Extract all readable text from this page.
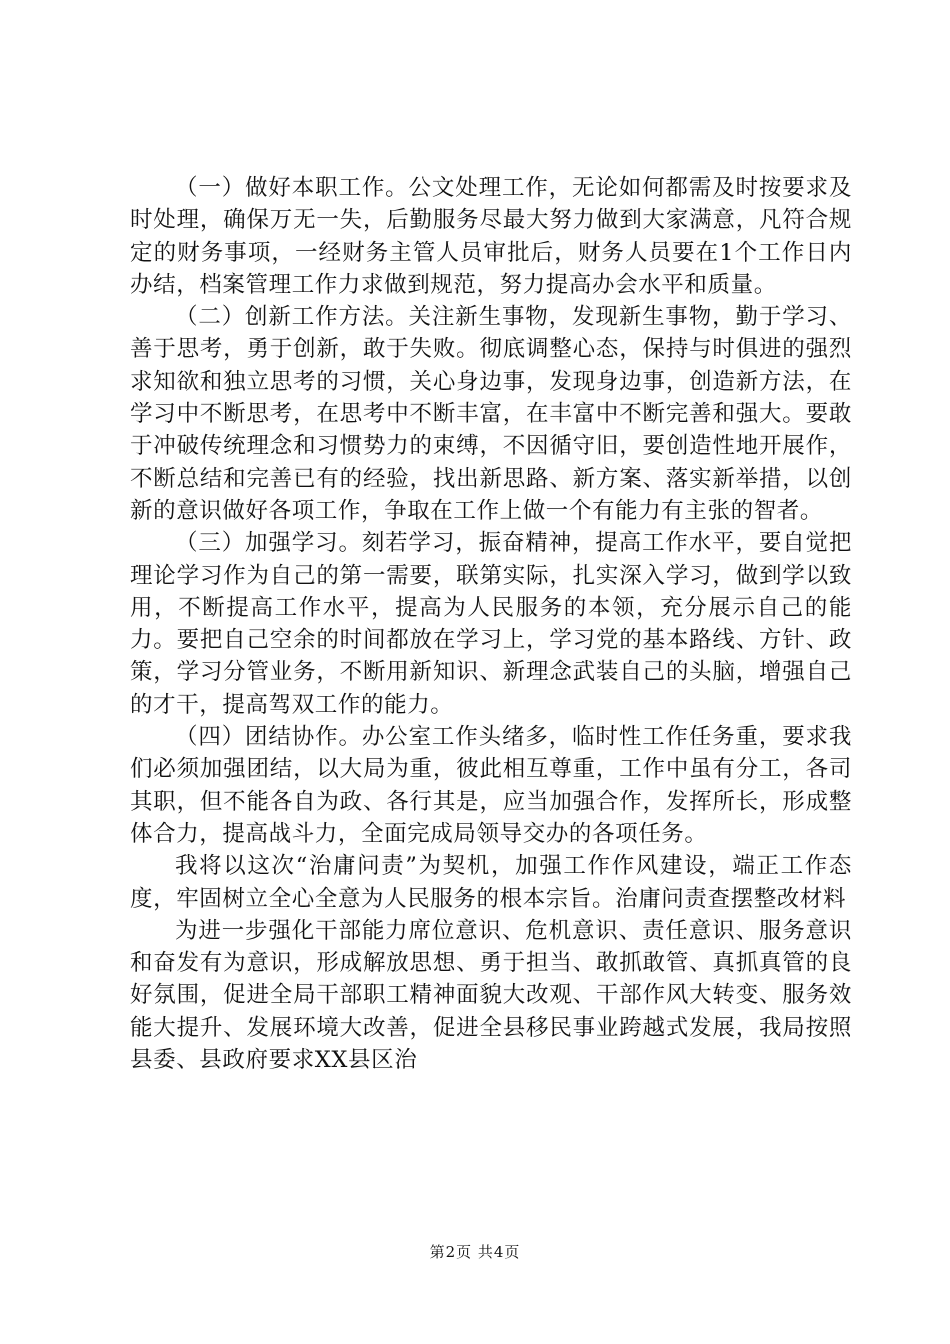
（一）做好本职工作。公文处理工作，无论如何都需及时按要求及时处理，确保万无一失，后勤服务尽最大努力做到大家满意，凡符合规定的财务事项，一经财务主管人员审批后，财务人员要在1个工作日内办结，档案管理工作力求做到规范，努力提高办会水平和质量。

（二）创新工作方法。关注新生事物，发现新生事物，勤于学习、善于思考，勇于创新，敢于失败。彻底调整心态，保持与时俱进的强烈求知欲和独立思考的习惯，关心身边事，发现身边事，创造新方法，在学习中不断思考，在思考中不断丰富，在丰富中不断完善和强大。要敢于冲破传统理念和习惯势力的束缚，不因循守旧，要创造性地开展作，不断总结和完善已有的经验，找出新思路、新方案、落实新举措，以创新的意识做好各项工作，争取在工作上做一个有能力有主张的智者。

（三）加强学习。刻若学习，振奋精神，提高工作水平，要自觉把理论学习作为自己的第一需要，联第实际，扎实深入学习，做到学以致用，不断提高工作水平，提高为人民服务的本领，充分展示自己的能力。要把自己空余的时间都放在学习上，学习党的基本路线、方针、政策，学习分管业务，不断用新知识、新理念武装自己的头脑，增强自己的才干，提高驾双工作的能力。

（四）团结协作。办公室工作头绪多，临时性工作任务重，要求我们必须加强团结，以大局为重，彼此相互尊重，工作中虽有分工，各司其职，但不能各自为政、各行其是，应当加强合作，发挥所长，形成整体合力，提高战斗力，全面完成局领导交办的各项任务。

我将以这次“治庸问责”为契机，加强工作作风建设，端正工作态度，牢固树立全心全意为人民服务的根本宗旨。治庸问责查摆整改材料

为进一步强化干部能力席位意识、危机意识、责任意识、服务意识和奋发有为意识，形成解放思想、勇于担当、敢抓敢管、真抓真管的良好氛围，促进全局干部职工精神面貌大改观、干部作风大转变、服务效能大提升、发展环境大改善，促进全县移民事业跨越式发展，我局按照县委、县政府要求XX县区治

第2页 共4页
